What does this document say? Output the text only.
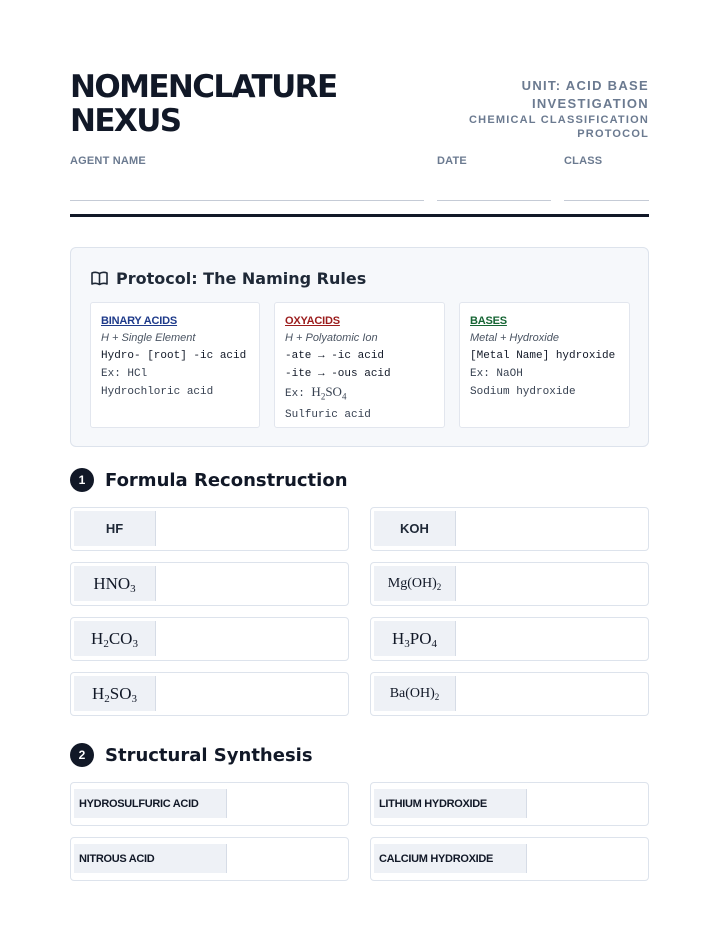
NOMENCLATURE
NEXUS
UNIT: ACID BASE
INVESTIGATION
CHEMICAL CLASSIFICATION
PROTOCOL
AGENT NAME	DATE	CLASS
Protocol: The Naming Rules
BINARY ACIDS
H + Single Element
Hydro- [root] -ic acid
Ex: HCl
Hydrochloric acid
OXYACIDS
H + Polyatomic Ion
-ate → -ic acid
-ite → -ous acid
Ex: $H_2SO_4$
Sulfuric acid
BASES
Metal + Hydroxide
[Metal Name] hydroxide
Ex: NaOH
Sodium hydroxide
1	Formula Reconstruction
HF	KOH
$HNO_3$	$Mg(OH)_2$
$H_2CO_3$	$H_3PO_4$
$H_2SO_3$	$Ba(OH)_2$
2	Structural Synthesis
HYDROSULFURIC ACID	LITHIUM HYDROXIDE
NITROUS ACID	CALCIUM HYDROXIDE
